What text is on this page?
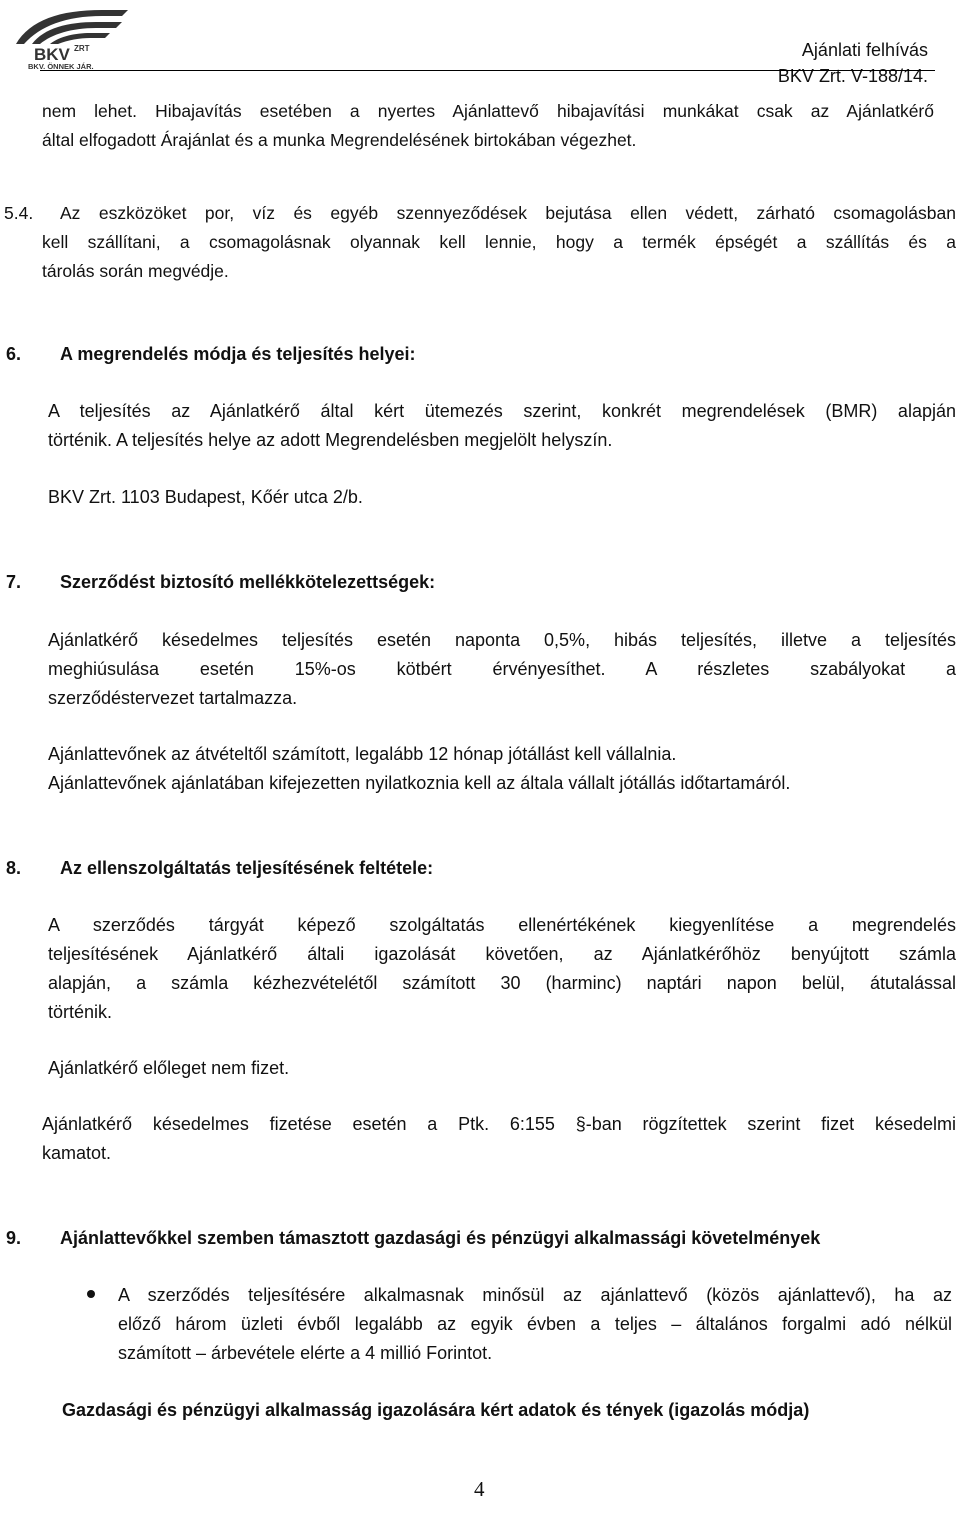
BKV ZRT
BKV. ÖNNEK JÁR.
Ajánlati felhívás
BKV Zrt. V-188/14.
nem lehet. Hibajavítás esetében a nyertes Ajánlattevő hibajavítási munkákat csak az Ajánlatkérő
által elfogadott Árajánlat és a munka Megrendelésének birtokában végezhet.
5.4. Az eszközöket por, víz és egyéb szennyeződések bejutása ellen védett, zárható csomagolásban
kell szállítani, a csomagolásnak olyannak kell lennie, hogy a termék épségét a szállítás és a
tárolás során megvédje.
6. A megrendelés módja és teljesítés helyei:
A teljesítés az Ajánlatkérő által kért ütemezés szerint, konkrét megrendelések (BMR) alapján
történik. A teljesítés helye az adott Megrendelésben megjelölt helyszín.
BKV Zrt. 1103 Budapest, Kőér utca 2/b.
7. Szerződést biztosító mellékkötelezettségek:
Ajánlatkérő késedelmes teljesítés esetén naponta 0,5%, hibás teljesítés, illetve a teljesítés
meghiúsulása esetén 15%-os kötbért érvényesíthet. A részletes szabályokat a
szerződéstervezet tartalmazza.
Ajánlattevőnek az átvételtől számított, legalább 12 hónap jótállást kell vállalnia.
Ajánlattevőnek ajánlatában kifejezetten nyilatkoznia kell az általa vállalt jótállás időtartamáról.
8. Az ellenszolgáltatás teljesítésének feltétele:
A szerződés tárgyát képező szolgáltatás ellenértékének kiegyenlítése a megrendelés
teljesítésének Ajánlatkérő általi igazolását követően, az Ajánlatkérőhöz benyújtott számla
alapján, a számla kézhezvételétől számított 30 (harminc) naptári napon belül, átutalással
történik.
Ajánlatkérő előleget nem fizet.
Ajánlatkérő késedelmes fizetése esetén a Ptk. 6:155 §-ban rögzítettek szerint fizet késedelmi
kamatot.
9. Ajánlattevőkkel szemben támasztott gazdasági és pénzügyi alkalmassági követelmények
A szerződés teljesítésére alkalmasnak minősül az ajánlattevő (közös ajánlattevő), ha az
előző három üzleti évből legalább az egyik évben a teljes – általános forgalmi adó nélkül
számított – árbevétele elérte a 4 millió Forintot.
Gazdasági és pénzügyi alkalmasság igazolására kért adatok és tények (igazolás módja)
4
